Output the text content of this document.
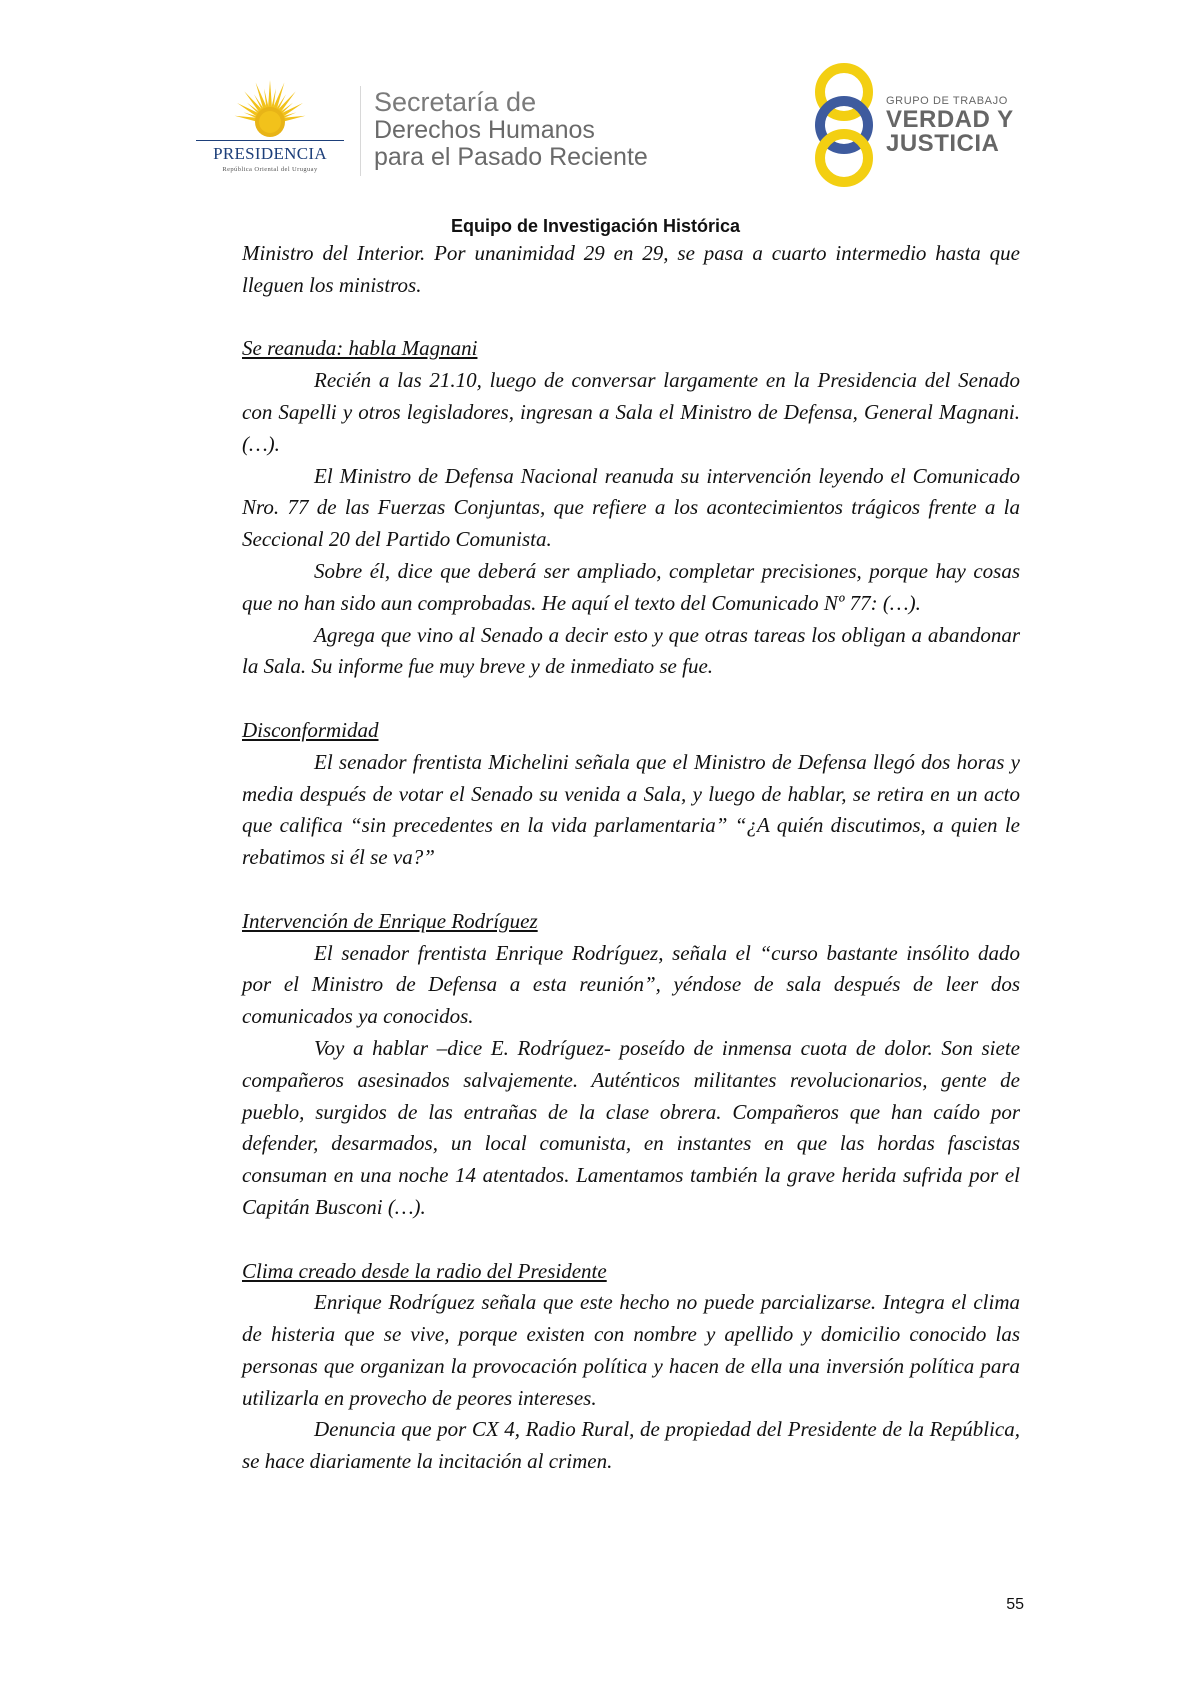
PRESIDENCIA
República Oriental del Uruguay
Secretaría de
Derechos Humanos
para el Pasado Reciente
GRUPO DE TRABAJO
VERDAD Y
JUSTICIA
Equipo de Investigación Histórica

Ministro del Interior. Por unanimidad 29 en 29, se pasa a cuarto intermedio hasta que lleguen los ministros.

Se reanuda: habla Magnani

Recién a las 21.10, luego de conversar largamente en la Presidencia del Senado con Sapelli y otros legisladores, ingresan a Sala el Ministro de Defensa, General Magnani. (…).

El Ministro de Defensa Nacional reanuda su intervención leyendo el Comunicado Nro. 77 de las Fuerzas Conjuntas, que refiere a los acontecimientos trágicos frente a la Seccional 20 del Partido Comunista.

Sobre él, dice que deberá ser ampliado, completar precisiones, porque hay cosas que no han sido aun comprobadas. He aquí el texto del Comunicado Nº 77: (…).

Agrega que vino al Senado a decir esto y que otras tareas los obligan a abandonar la Sala. Su informe fue muy breve y de inmediato se fue.

Disconformidad

El senador frentista Michelini señala que el Ministro de Defensa llegó dos horas y media después de votar el Senado su venida a Sala, y luego de hablar, se retira en un acto que califica “sin precedentes en la vida parlamentaria” “¿A quién discutimos, a quien le rebatimos si él se va?”

Intervención de Enrique Rodríguez

El senador frentista Enrique Rodríguez, señala el “curso bastante insólito dado por el Ministro de Defensa a esta reunión”, yéndose de sala después de leer dos comunicados ya conocidos.

Voy a hablar –dice E. Rodríguez- poseído de inmensa cuota de dolor. Son siete compañeros asesinados salvajemente. Auténticos militantes revolucionarios, gente de pueblo, surgidos de las entrañas de la clase obrera. Compañeros que han caído por defender, desarmados, un local comunista, en instantes en que las hordas fascistas consuman en una noche 14 atentados. Lamentamos también la grave herida sufrida por el Capitán Busconi (…).

Clima creado desde la radio del Presidente

Enrique Rodríguez señala que este hecho no puede parcializarse. Integra el clima de histeria que se vive, porque existen con nombre y apellido y domicilio conocido las personas que organizan la provocación política y hacen de ella una inversión política para utilizarla en provecho de peores intereses.

Denuncia que por CX 4, Radio Rural, de propiedad del Presidente de la República, se hace diariamente la incitación al crimen.

55
